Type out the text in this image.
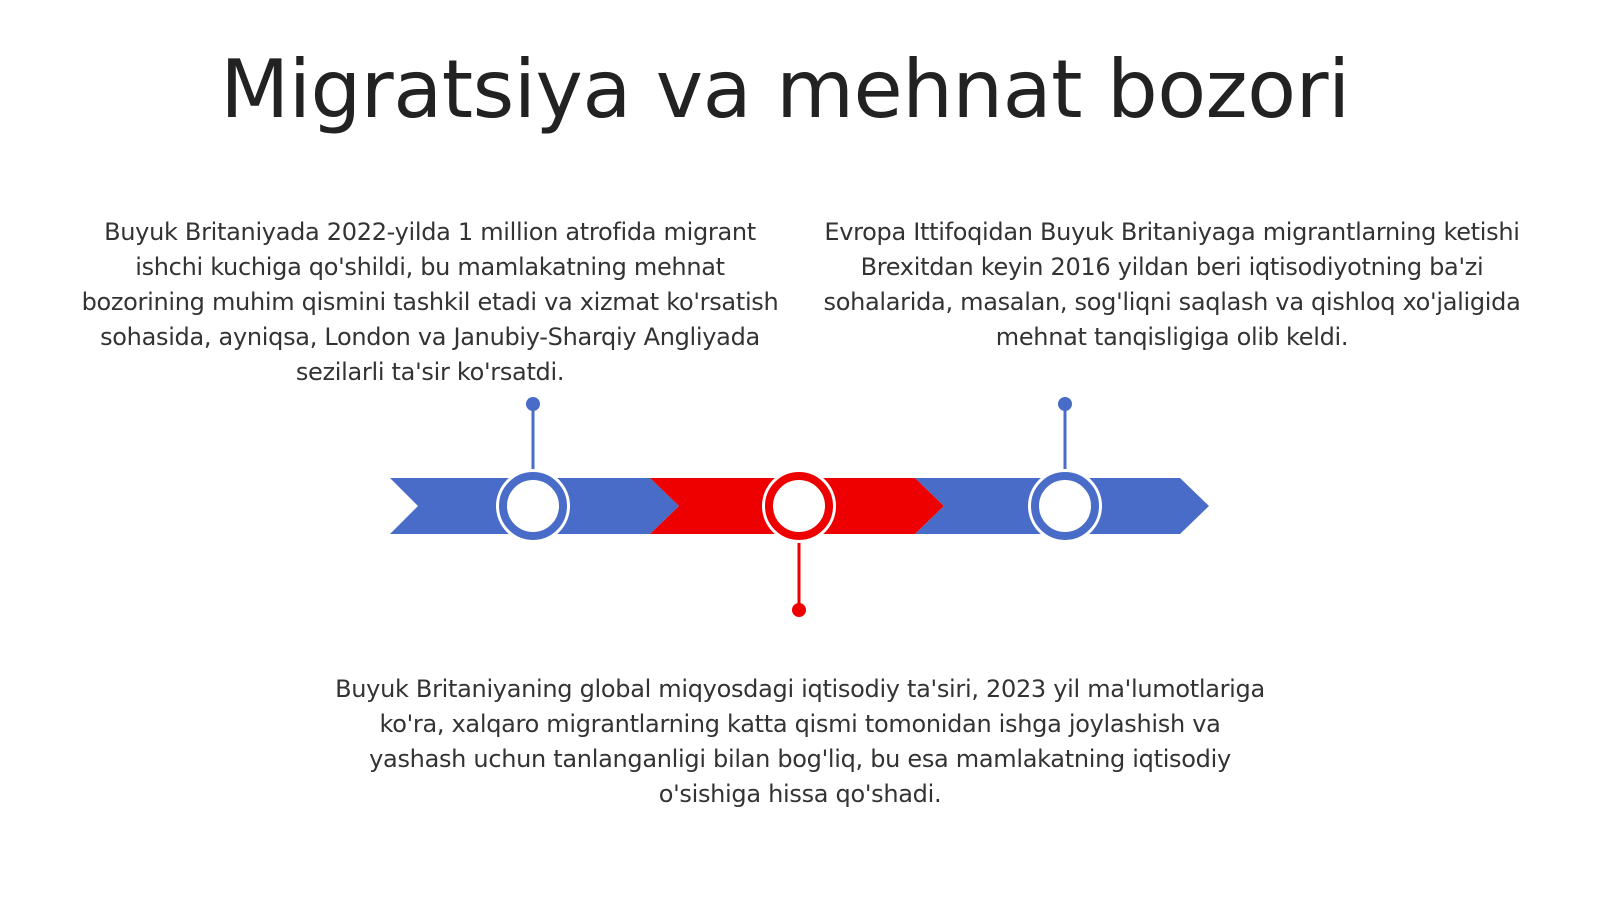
Migratsiya va mehnat bozori
Buyuk Britaniyada 2022-yilda 1 million atrofida migrant ishchi kuchiga qo'shildi, bu mamlakatning mehnat bozorining muhim qismini tashkil etadi va xizmat ko'rsatish sohasida, ayniqsa, London va Janubiy-Sharqiy Angliyada sezilarli ta'sir ko'rsatdi.
Evropa Ittifoqidan Buyuk Britaniyaga migrantlarning ketishi Brexitdan keyin 2016 yildan beri iqtisodiyotning ba'zi sohalarida, masalan, sog'liqni saqlash va qishloq xo'jaligida mehnat tanqisligiga olib keldi.
Buyuk Britaniyaning global miqyosdagi iqtisodiy ta'siri, 2023 yil ma'lumotlariga ko'ra, xalqaro migrantlarning katta qismi tomonidan ishga joylashish va yashash uchun tanlanganligi bilan bog'liq, bu esa mamlakatning iqtisodiy o'sishiga hissa qo'shadi.
